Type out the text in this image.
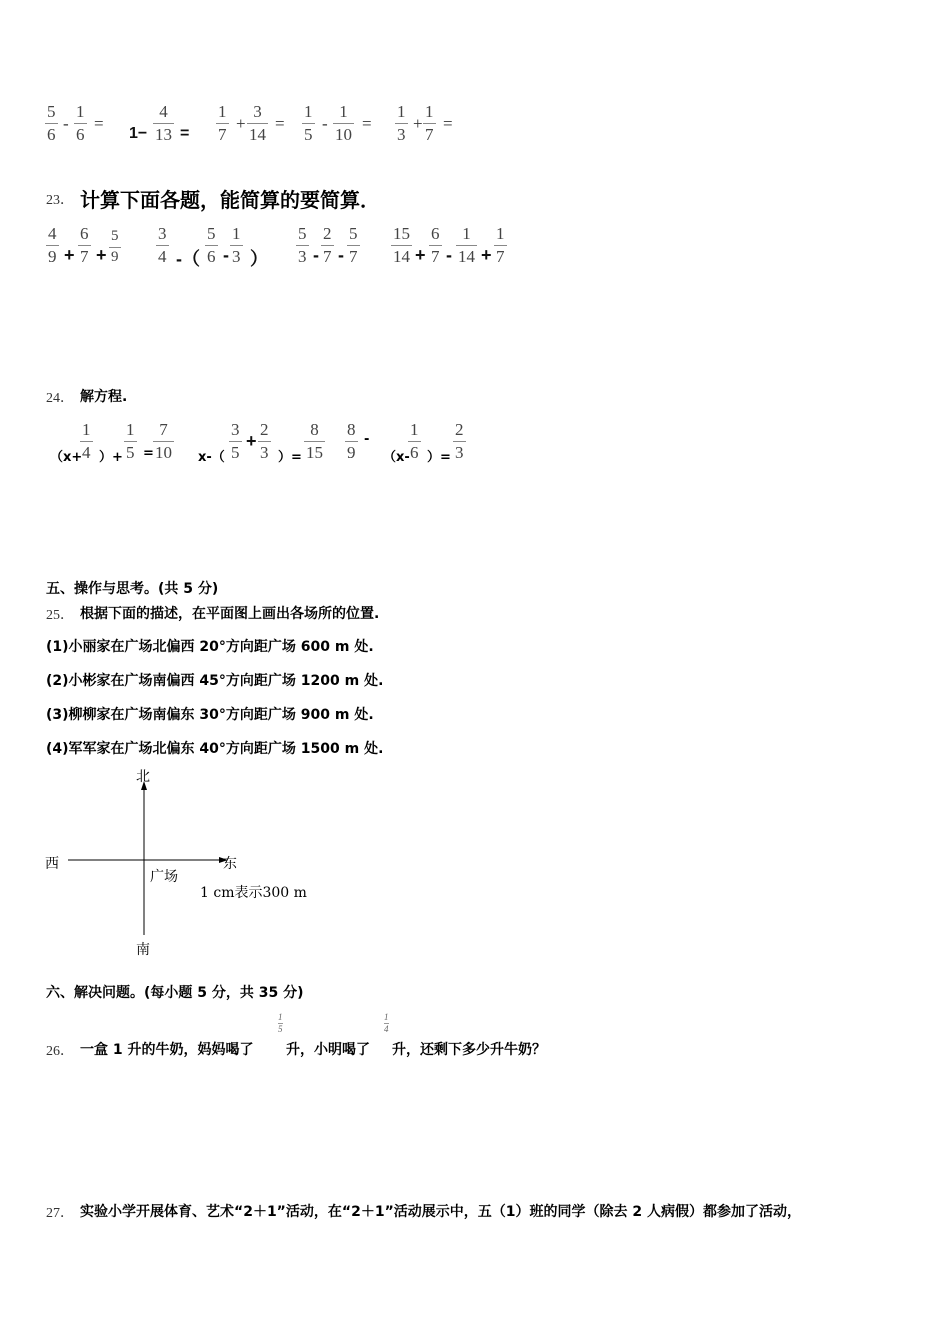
5
6
-
1
6
=
1−
4
13 =
1
7
+
3
14
=
1
5
-
1
10
=
1
3
+
1
7
=
23． 计算下面各题，能简算的要简算．
4
9 +
6
7 +
5
9
3
4 -（
5
6 -
1
3 ）
5
3 -
2
7 -
5
7
15
14 +
6
7 -
1
14 +
1
7
24． 解方程.
（x+
1
4 ）+
1
5 =
7
10 x-（
3
5
+
2
3 ）=
8
15
8
9
-
（x-
1
6 ）=
2
3
五、操作与思考。(共 5 分)
25． 根据下面的描述，在平面图上画出各场所的位置.
(1)小丽家在广场北偏西 20°方向距广场 600 m 处.
(2)小彬家在广场南偏西 45°方向距广场 1200 m 处.
(3)柳柳家在广场南偏东 30°方向距广场 900 m 处.
(4)军军家在广场北偏东 40°方向距广场 1500 m 处.
北
南
西	东
广场
1 cm表示300 m
六、解决问题。(每小题 5 分，共 35 分)
26． 一盒 1 升的牛奶，妈妈喝了
1
5
升，小明喝了
1
4
升，还剩下多少升牛奶？
27． 实验小学开展体育、艺术“2＋1”活动，在“2＋1”活动展示中，五（1）班的同学（除去 2 人病假）都参加了活动，
